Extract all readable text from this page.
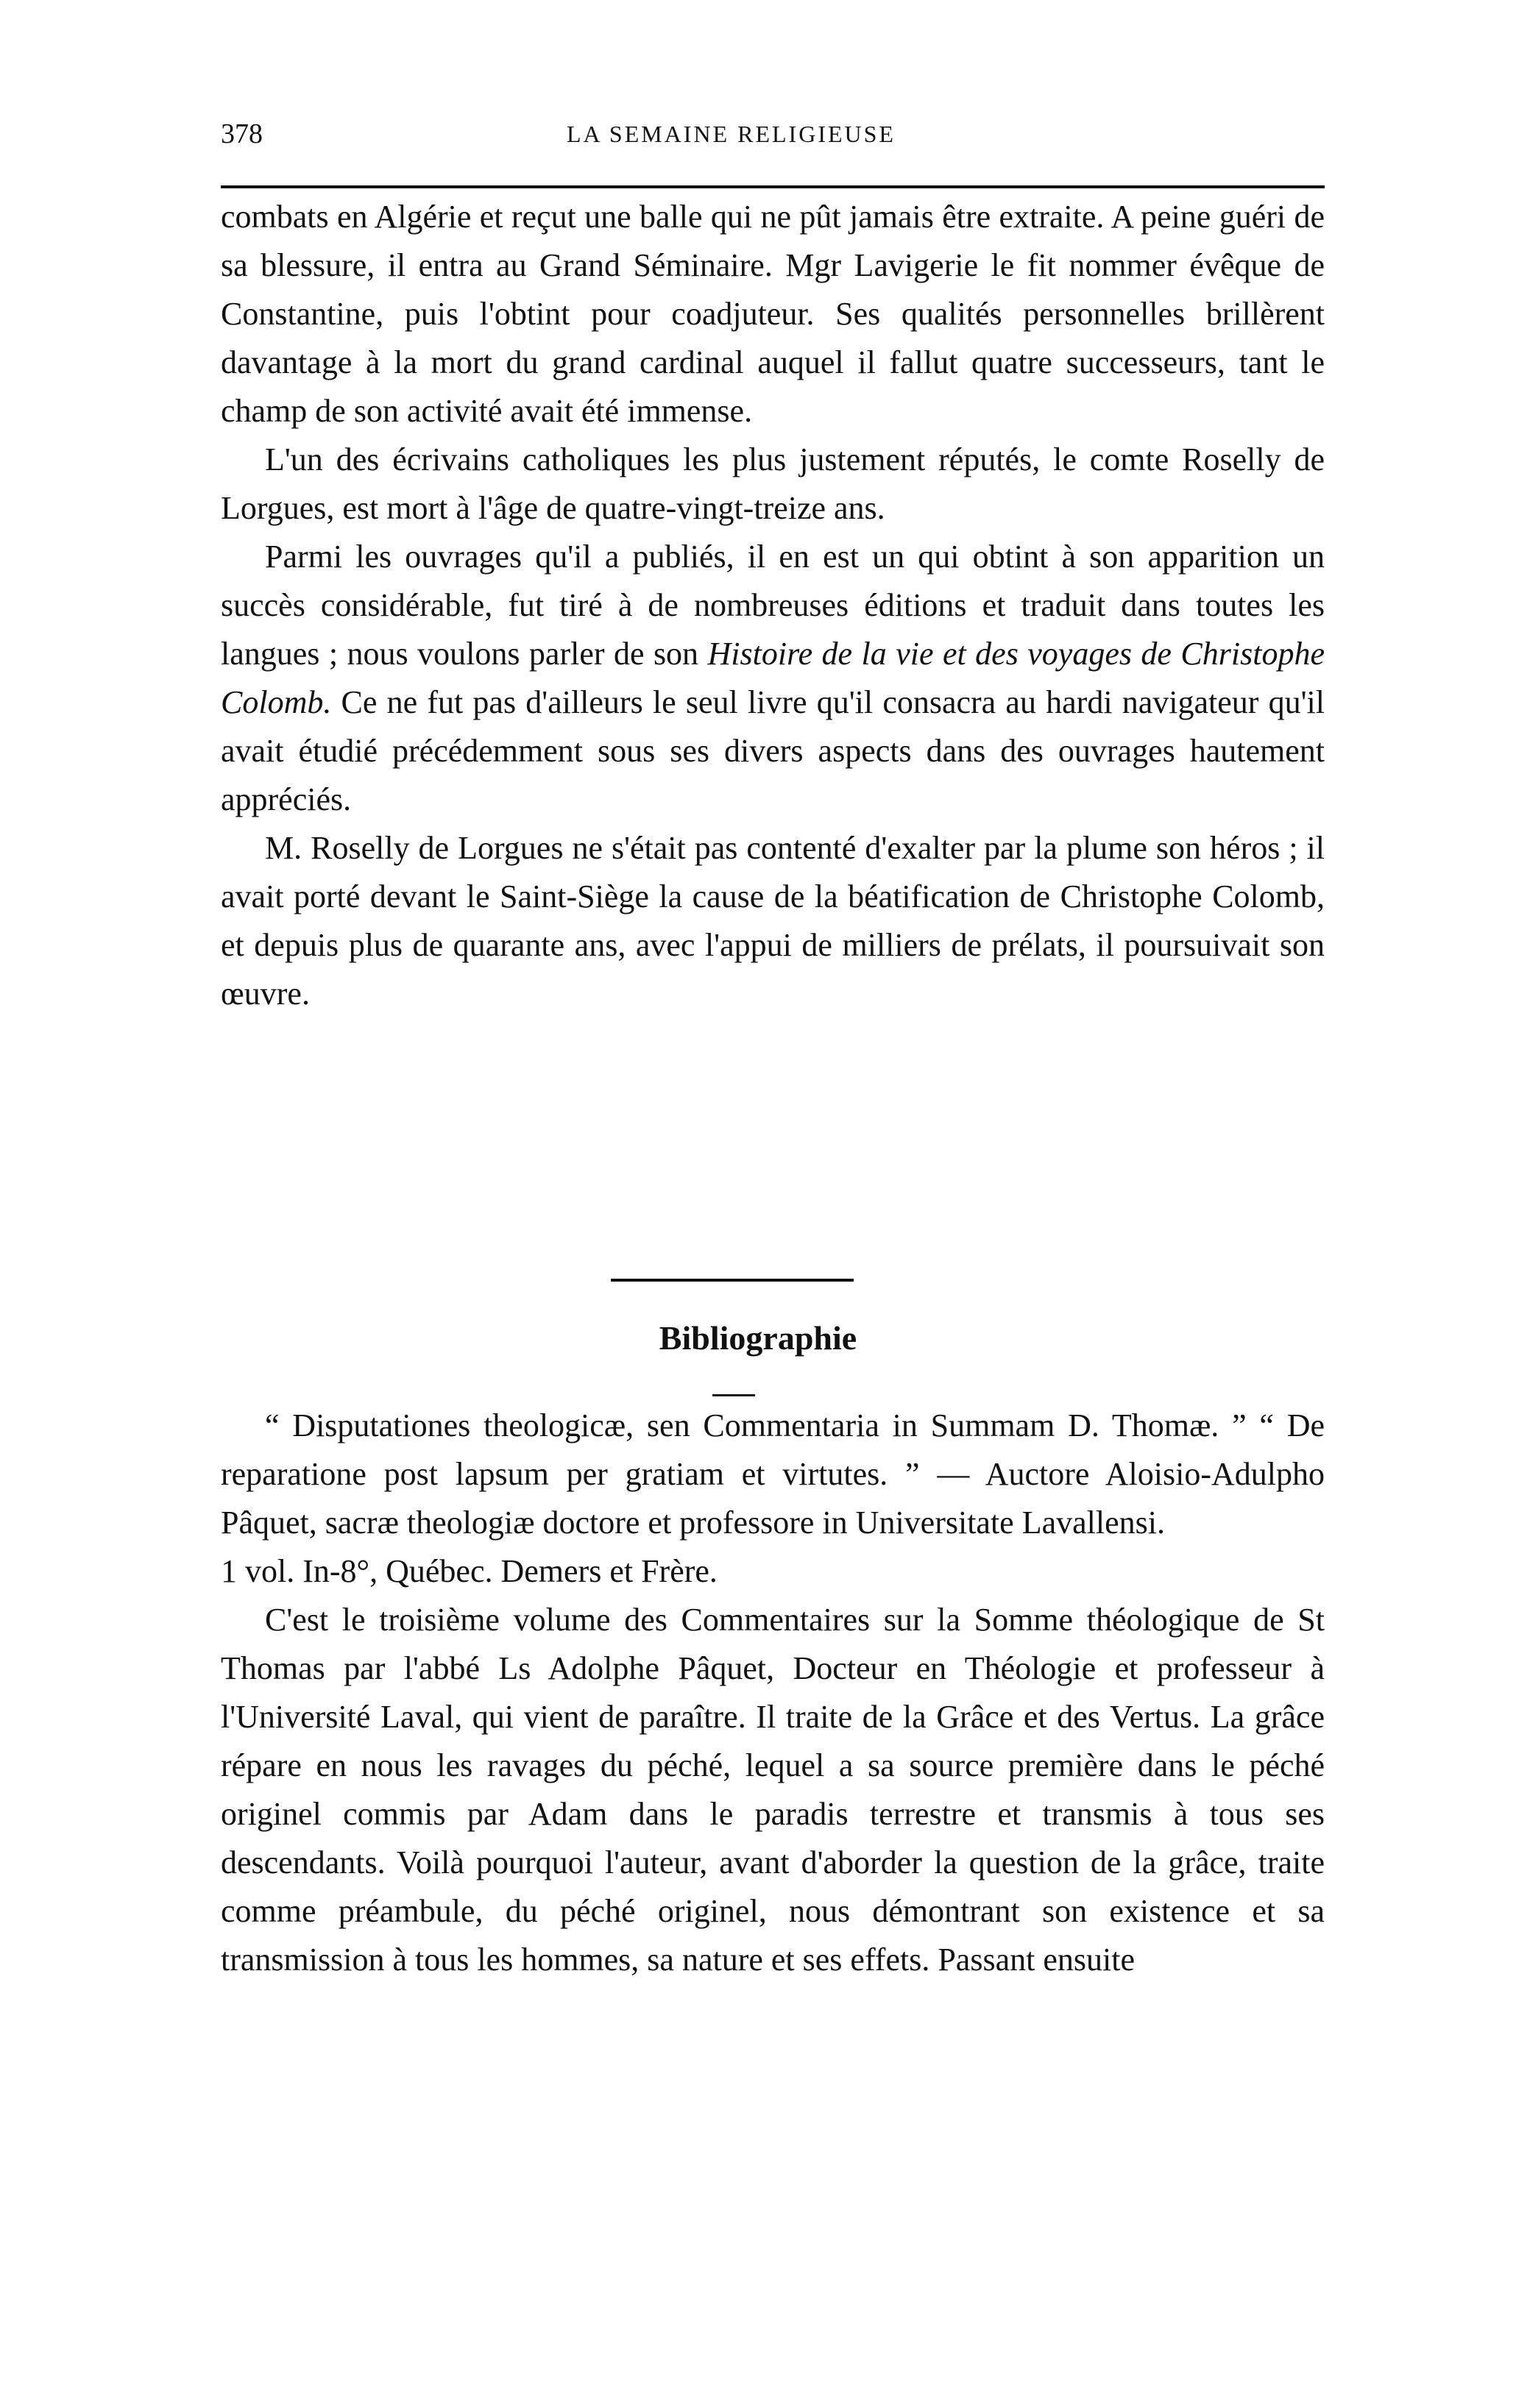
378	LA SEMAINE RELIGIEUSE

combats en Algérie et reçut une balle qui ne pût jamais être extraite. A peine guéri de sa blessure, il entra au Grand Séminaire. Mgr Lavigerie le fit nommer évêque de Constantine, puis l'obtint pour coadjuteur. Ses qualités personnelles brillèrent davantage à la mort du grand cardinal auquel il fallut quatre successeurs, tant le champ de son activité avait été immense.

L'un des écrivains catholiques les plus justement réputés, le comte Roselly de Lorgues, est mort à l'âge de quatre-vingt-treize ans.

Parmi les ouvrages qu'il a publiés, il en est un qui obtint à son apparition un succès considérable, fut tiré à de nombreuses éditions et traduit dans toutes les langues ; nous voulons parler de son Histoire de la vie et des voyages de Christophe Colomb. Ce ne fut pas d'ailleurs le seul livre qu'il consacra au hardi navigateur qu'il avait étudié précédemment sous ses divers aspects dans des ouvrages hautement appréciés.

M. Roselly de Lorgues ne s'était pas contenté d'exalter par la plume son héros ; il avait porté devant le Saint-Siège la cause de la béatification de Christophe Colomb, et depuis plus de quarante ans, avec l'appui de milliers de prélats, il poursuivait son œuvre.

Bibliographie

“ Disputationes theologicæ, sen Commentaria in Summam D. Thomæ. ” “ De reparatione post lapsum per gratiam et virtutes. ” — Auctore Aloisio-Adulpho Pâquet, sacræ theologiæ doctore et professore in Universitate Lavallensi.

1 vol. In-8°, Québec. Demers et Frère.

C'est le troisième volume des Commentaires sur la Somme théologique de St Thomas par l'abbé Ls Adolphe Pâquet, Docteur en Théologie et professeur à l'Université Laval, qui vient de paraître. Il traite de la Grâce et des Vertus. La grâce répare en nous les ravages du péché, lequel a sa source première dans le péché originel commis par Adam dans le paradis terrestre et transmis à tous ses descendants. Voilà pourquoi l'auteur, avant d'aborder la question de la grâce, traite comme préambule, du péché originel, nous démontrant son existence et sa transmission à tous les hommes, sa nature et ses effets. Passant ensuite
